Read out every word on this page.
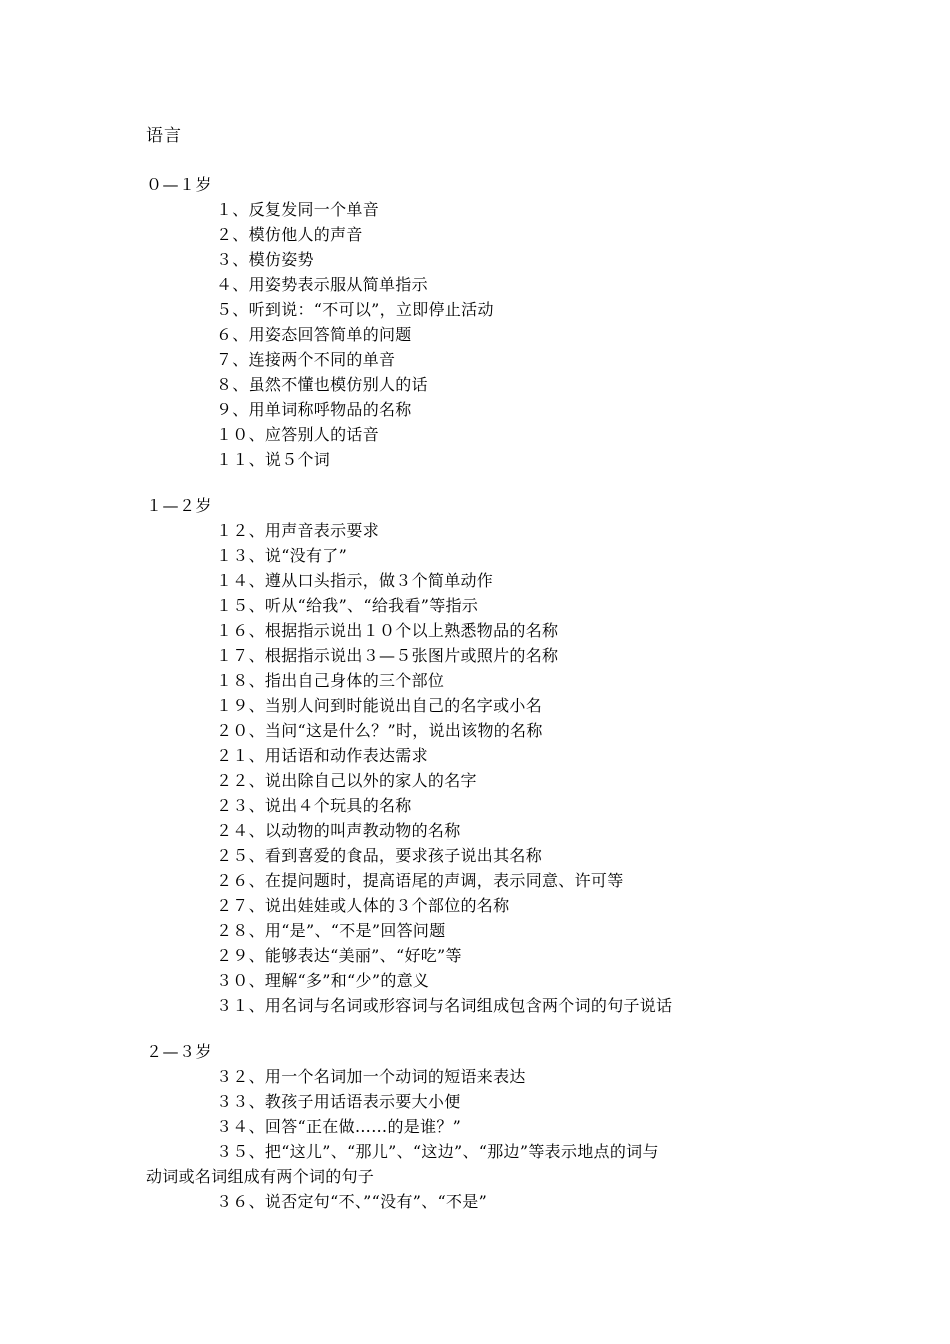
语言
０—１岁
１、反复发同一个单音
２、模仿他人的声音
３、模仿姿势
４、用姿势表示服从简单指示
５、听到说：“不可以”，立即停止活动
６、用姿态回答简单的问题
７、连接两个不同的单音
８、虽然不懂也模仿别人的话
９、用单词称呼物品的名称
１０、应答别人的话音
１１、说５个词
１—２岁
１２、用声音表示要求
１３、说“没有了”
１４、遵从口头指示，做３个简单动作
１５、听从“给我”、“给我看”等指示
１６、根据指示说出１０个以上熟悉物品的名称
１７、根据指示说出３—５张图片或照片的名称
１８、指出自己身体的三个部位
１９、当别人问到时能说出自己的名字或小名
２０、当问“这是什么？”时，说出该物的名称
２１、用话语和动作表达需求
２２、说出除自己以外的家人的名字
２３、说出４个玩具的名称
２４、以动物的叫声教动物的名称
２５、看到喜爱的食品，要求孩子说出其名称
２６、在提问题时，提高语尾的声调，表示同意、许可等
２７、说出娃娃或人体的３个部位的名称
２８、用“是”、“不是”回答问题
２９、能够表达“美丽”、“好吃”等
３０、理解“多”和“少”的意义
３１、用名词与名词或形容词与名词组成包含两个词的句子说话
２—３岁
３２、用一个名词加一个动词的短语来表达
３３、教孩子用话语表示要大小便
３４、回答“正在做……的是谁？”
３５、把“这儿”、“那儿”、“这边”、“那边”等表示地点的词与
动词或名词组成有两个词的句子
３６、说否定句“不、”“没有”、“不是”
